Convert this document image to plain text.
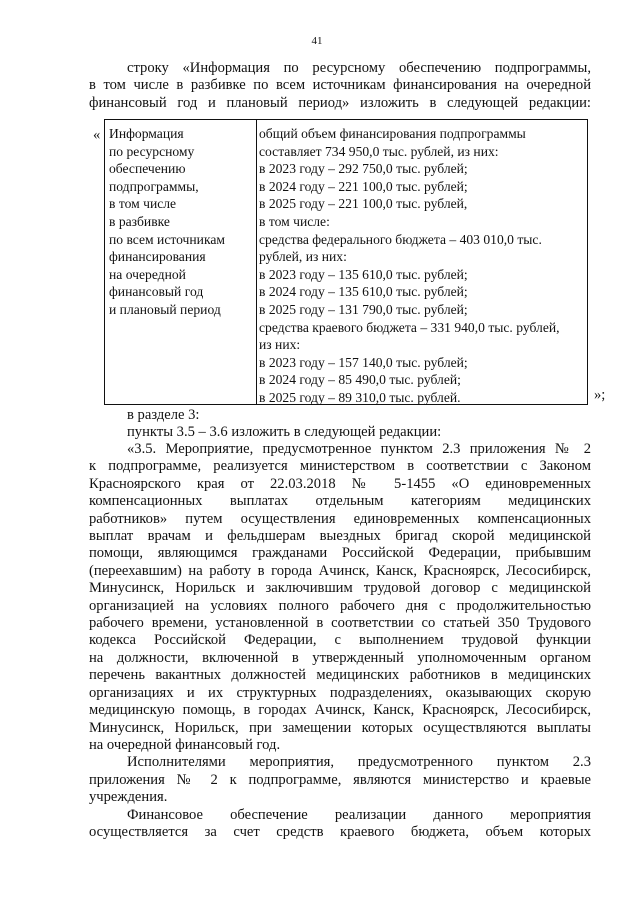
41
строку «Информация по ресурсному обеспечению подпрограммы,
в том числе в разбивке по всем источникам финансирования на очередной
финансовый год и плановый период» изложить в следующей редакции:
« Информация
по ресурсному
обеспечению
подпрограммы,
в том числе
в разбивке
по всем источникам
финансирования
на очередной
финансовый год
и плановый период
общий объем финансирования подпрограммы
составляет 734 950,0 тыс. рублей, из них:
в 2023 году – 292 750,0 тыс. рублей;
в 2024 году – 221 100,0 тыс. рублей;
в 2025 году – 221 100,0 тыс. рублей,
в том числе:
средства федерального бюджета – 403 010,0 тыс.
рублей, из них:
в 2023 году – 135 610,0 тыс. рублей;
в 2024 году – 135 610,0 тыс. рублей;
в 2025 году – 131 790,0 тыс. рублей;
средства краевого бюджета – 331 940,0 тыс. рублей,
из них:
в 2023 году – 157 140,0 тыс. рублей;
в 2024 году – 85 490,0 тыс. рублей;
в 2025 году – 89 310,0 тыс. рублей.	»;
в разделе 3:
пункты 3.5 – 3.6 изложить в следующей редакции:
«3.5. Мероприятие, предусмотренное пунктом 2.3 приложения № 2
к подпрограмме, реализуется министерством в соответствии с Законом
Красноярского края от 22.03.2018 № 5-1455 «О единовременных
компенсационных выплатах отдельным категориям медицинских
работников» путем осуществления единовременных компенсационных
выплат врачам и фельдшерам выездных бригад скорой медицинской
помощи, являющимся гражданами Российской Федерации, прибывшим
(переехавшим) на работу в города Ачинск, Канск, Красноярск, Лесосибирск,
Минусинск, Норильск и заключившим трудовой договор с медицинской
организацией на условиях полного рабочего дня с продолжительностью
рабочего времени, установленной в соответствии со статьей 350 Трудового
кодекса Российской Федерации, с выполнением трудовой функции
на должности, включенной в утвержденный уполномоченным органом
перечень вакантных должностей медицинских работников в медицинских
организациях и их структурных подразделениях, оказывающих скорую
медицинскую помощь, в городах Ачинск, Канск, Красноярск, Лесосибирск,
Минусинск, Норильск, при замещении которых осуществляются выплаты
на очередной финансовый год.
Исполнителями мероприятия, предусмотренного пунктом 2.3
приложения № 2 к подпрограмме, являются министерство и краевые
учреждения.
Финансовое обеспечение реализации данного мероприятия
осуществляется за счет средств краевого бюджета, объем которых
